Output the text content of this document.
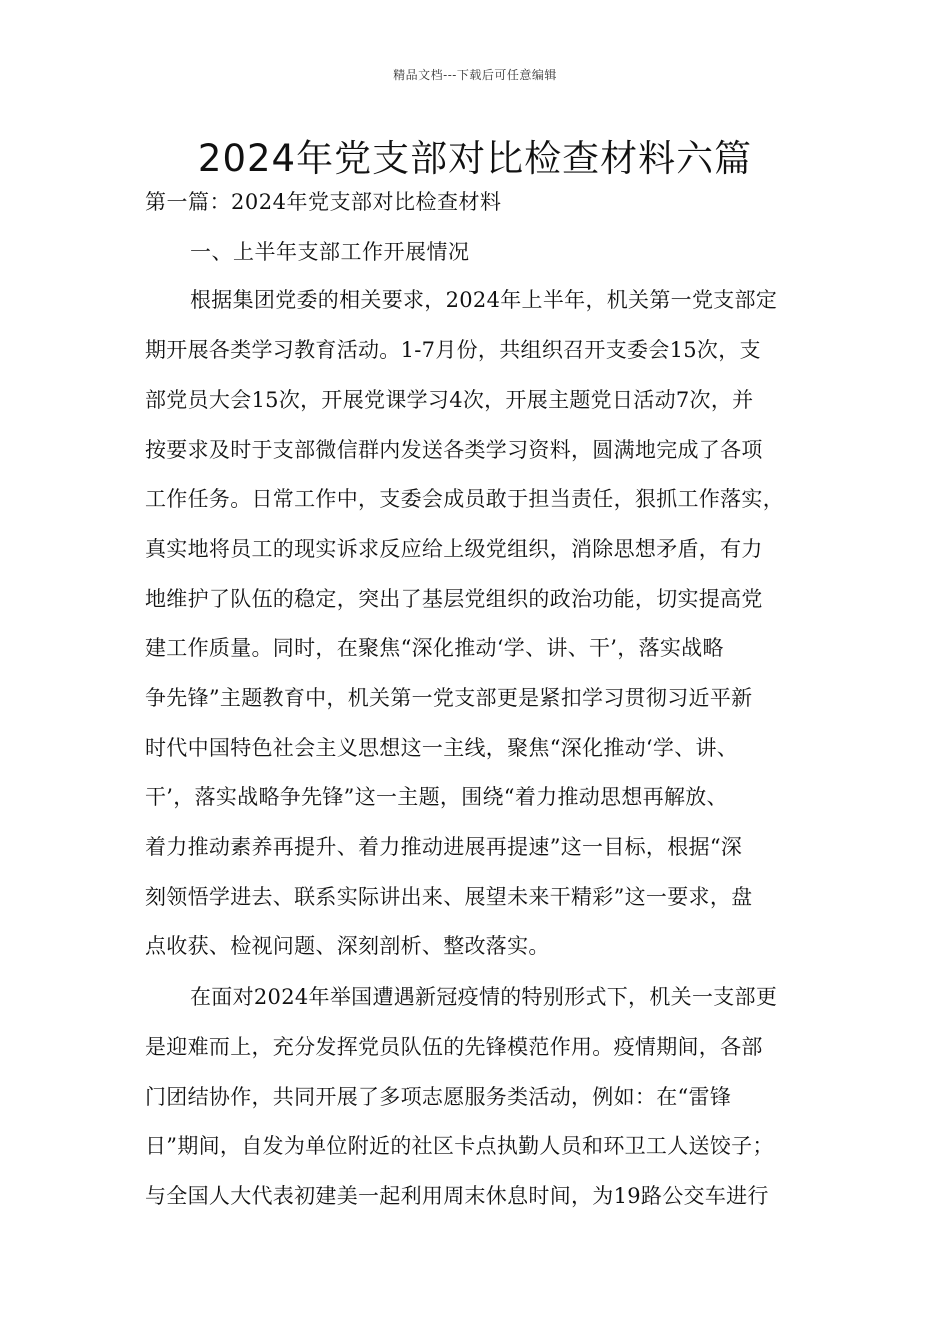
精品文档---下载后可任意编辑
2024年党支部对比检查材料六篇
第一篇：2024年党支部对比检查材料
一、上半年支部工作开展情况
根据集团党委的相关要求，2024年上半年，机关第一党支部定
期开展各类学习教育活动。1-7月份，共组织召开支委会15次，支
部党员大会15次，开展党课学习4次，开展主题党日活动7次，并
按要求及时于支部微信群内发送各类学习资料，圆满地完成了各项
工作任务。日常工作中，支委会成员敢于担当责任，狠抓工作落实，
真实地将员工的现实诉求反应给上级党组织，消除思想矛盾，有力
地维护了队伍的稳定，突出了基层党组织的政治功能，切实提高党
建工作质量。同时，在聚焦“深化推动‘学、讲、干’，落实战略
争先锋”主题教育中，机关第一党支部更是紧扣学习贯彻习近平新
时代中国特色社会主义思想这一主线，聚焦“深化推动‘学、讲、
干’，落实战略争先锋”这一主题，围绕“着力推动思想再解放、
着力推动素养再提升、着力推动进展再提速”这一目标，根据“深
刻领悟学进去、联系实际讲出来、展望未来干精彩”这一要求，盘
点收获、检视问题、深刻剖析、整改落实。
在面对2024年举国遭遇新冠疫情的特别形式下，机关一支部更
是迎难而上，充分发挥党员队伍的先锋模范作用。疫情期间，各部
门团结协作，共同开展了多项志愿服务类活动，例如：在“雷锋
日”期间，自发为单位附近的社区卡点执勤人员和环卫工人送饺子；
与全国人大代表初建美一起利用周末休息时间，为19路公交车进行
